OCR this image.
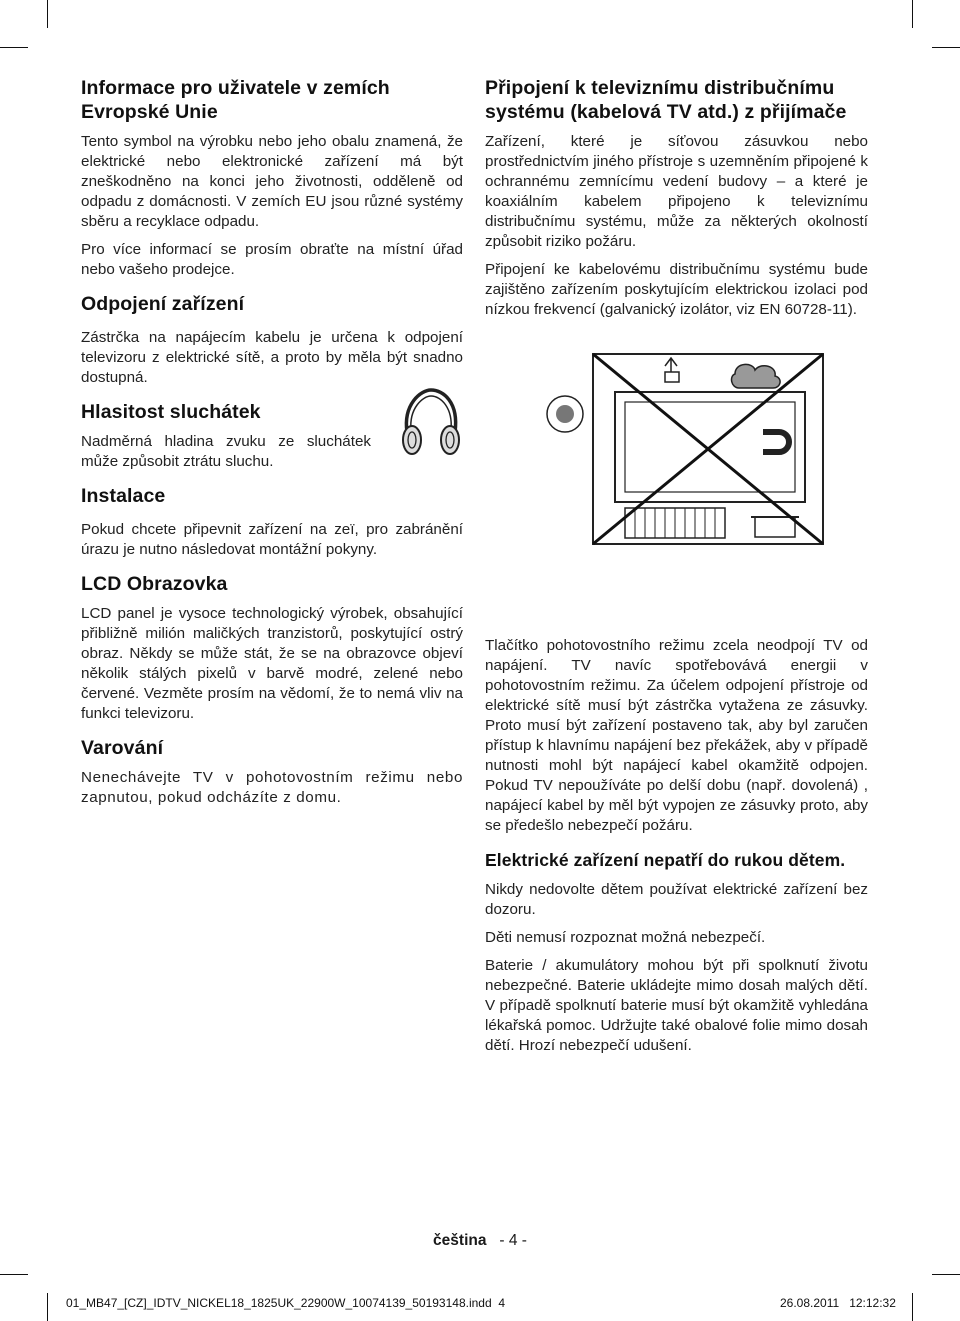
Informace pro uživatele v zemích Evropské Unie

Tento symbol na výrobku nebo jeho obalu znamená, že elektrické nebo elektronické zařízení má být zneškodněno na konci jeho životnosti, odděleně od odpadu z domácnosti. V zemích EU jsou různé systémy sběru a recyklace odpadu.

Pro více informací se prosím obraťte na místní úřad nebo vašeho prodejce.

Odpojení zařízení

Zástrčka na napájecím kabelu je určena k odpojení televizoru z elektrické sítě, a proto by měla být snadno dostupná.

Hlasitost sluchátek

Nadměrná hladina zvuku ze sluchátek může způsobit ztrátu sluchu.

Instalace

Pokud chcete připevnit zařízení na zeï, pro zabránění úrazu je nutno následovat montážní pokyny.

LCD Obrazovka

LCD panel je vysoce technologický výrobek, obsahující přibližně milión maličkých tranzistorů, poskytující ostrý obraz. Někdy se může stát, že se na obrazovce objeví několik stálých pixelů v barvě modré, zelené nebo červené. Vezměte prosím na vědomí, že to nemá vliv na funkci televizoru.

Varování

Nenechávejte TV v pohotovostním režimu nebo zapnutou, pokud odcházíte z domu.

Připojení k televiznímu distribučnímu systému (kabelová TV atd.) z přijímače

Zařízení, které je síťovou zásuvkou nebo prostřednictvím jiného přístroje s uzemněním připojené k ochrannému zemnícímu vedení budovy – a které je koaxiálním kabelem připojeno k televiznímu distribučnímu systému, může za některých okolností způsobit riziko požáru.

Připojení ke kabelovému distribučnímu systému bude zajištěno zařízením poskytujícím elektrickou izolaci pod nízkou frekvencí (galvanický izolátor, viz EN 60728-11).

Tlačítko pohotovostního režimu zcela neodpojí TV od napájení. TV navíc spotřebovává energii v pohotovostním režimu. Za účelem odpojení přístroje od elektrické sítě musí být zástrčka vytažena ze zásuvky. Proto musí být zařízení postaveno tak, aby byl zaručen přístup k hlavnímu napájení bez překážek, aby v případě nutnosti mohl být napájecí kabel okamžitě odpojen. Pokud TV nepoužíváte po delší dobu (např. dovolená) , napájecí kabel by měl být vypojen ze zásuvky proto, aby se předešlo nebezpečí požáru.

Elektrické zařízení nepatří do rukou dětem.

Nikdy nedovolte dětem používat elektrické zařízení bez dozoru.

Děti nemusí rozpoznat možná nebezpečí.

Baterie / akumulátory mohou být při spolknutí životu nebezpečné. Baterie ukládejte mimo dosah malých dětí. V případě spolknutí baterie musí být okamžitě vyhledána lékařská pomoc. Udržujte také obalové folie mimo dosah dětí. Hrozí nebezpečí udušení.

čeština - 4 -
01_MB47_[CZ]_IDTV_NICKEL18_1825UK_22900W_10074139_50193148.indd 4	26.08.2011 12:12:32
